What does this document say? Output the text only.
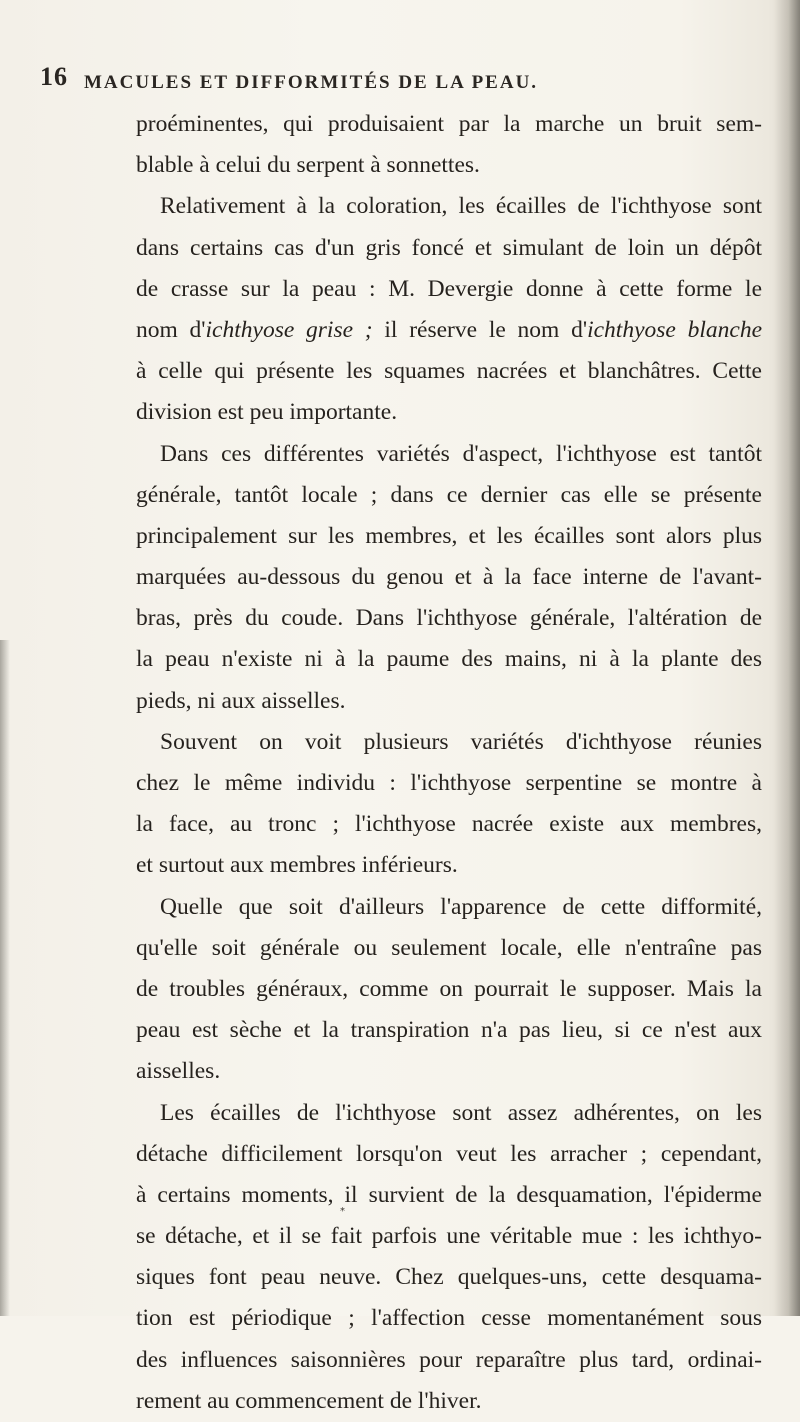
16 MACULES ET DIFFORMITÉS DE LA PEAU.
proéminentes, qui produisaient par la marche un bruit sem-
blable à celui du serpent à sonnettes.
Relativement à la coloration, les écailles de l'ichthyose sont
dans certains cas d'un gris foncé et simulant de loin un dépôt
de crasse sur la peau : M. Devergie donne à cette forme le
nom d'ichthyose grise ; il réserve le nom d'ichthyose blanche
à celle qui présente les squames nacrées et blanchâtres. Cette
division est peu importante.
Dans ces différentes variétés d'aspect, l'ichthyose est tantôt
générale, tantôt locale ; dans ce dernier cas elle se présente
principalement sur les membres, et les écailles sont alors plus
marquées au-dessous du genou et à la face interne de l'avant-
bras, près du coude. Dans l'ichthyose générale, l'altération de
la peau n'existe ni à la paume des mains, ni à la plante des
pieds, ni aux aisselles.
Souvent on voit plusieurs variétés d'ichthyose réunies
chez le même individu : l'ichthyose serpentine se montre à
la face, au tronc ; l'ichthyose nacrée existe aux membres,
et surtout aux membres inférieurs.
Quelle que soit d'ailleurs l'apparence de cette difformité,
qu'elle soit générale ou seulement locale, elle n'entraîne pas
de troubles généraux, comme on pourrait le supposer. Mais la
peau est sèche et la transpiration n'a pas lieu, si ce n'est aux
aisselles.
Les écailles de l'ichthyose sont assez adhérentes, on les
détache difficilement lorsqu'on veut les arracher ; cependant,
à certains moments, il survient de la desquamation, l'épiderme
se détache, et il se fait parfois une véritable mue : les ichthyo-
siques font peau neuve. Chez quelques-uns, cette desquama-
tion est périodique ; l'affection cesse momentanément sous
des influences saisonnières pour reparaître plus tard, ordinai-
rement au commencement de l'hiver.
*
